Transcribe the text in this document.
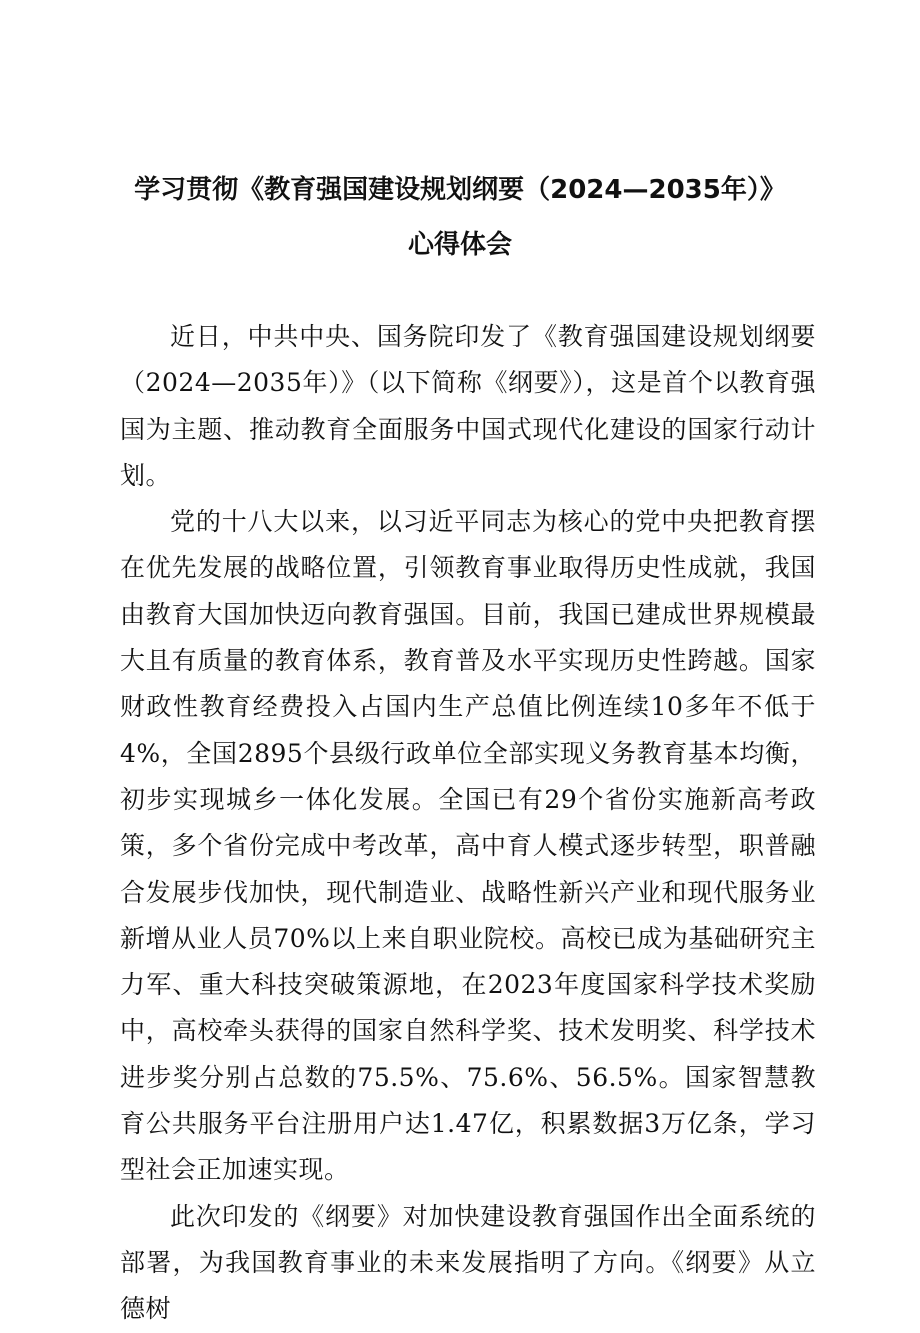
学习贯彻《教育强国建设规划纲要（2024—2035年）》
心得体会

近日，中共中央、国务院印发了《教育强国建设规划纲要（2024—2035年）》（以下简称《纲要》），这是首个以教育强国为主题、推动教育全面服务中国式现代化建设的国家行动计划。

党的十八大以来，以习近平同志为核心的党中央把教育摆在优先发展的战略位置，引领教育事业取得历史性成就，我国由教育大国加快迈向教育强国。目前，我国已建成世界规模最大且有质量的教育体系，教育普及水平实现历史性跨越。国家财政性教育经费投入占国内生产总值比例连续10多年不低于4%，全国2895个县级行政单位全部实现义务教育基本均衡，初步实现城乡一体化发展。全国已有29个省份实施新高考政策，多个省份完成中考改革，高中育人模式逐步转型，职普融合发展步伐加快，现代制造业、战略性新兴产业和现代服务业新增从业人员70%以上来自职业院校。高校已成为基础研究主力军、重大科技突破策源地，在2023年度国家科学技术奖励中，高校牵头获得的国家自然科学奖、技术发明奖、科学技术进步奖分别占总数的75.5%、75.6%、56.5%。国家智慧教育公共服务平台注册用户达1.47亿，积累数据3万亿条，学习型社会正加速实现。

此次印发的《纲要》对加快建设教育强国作出全面系统的部署，为我国教育事业的未来发展指明了方向。《纲要》从立德树
